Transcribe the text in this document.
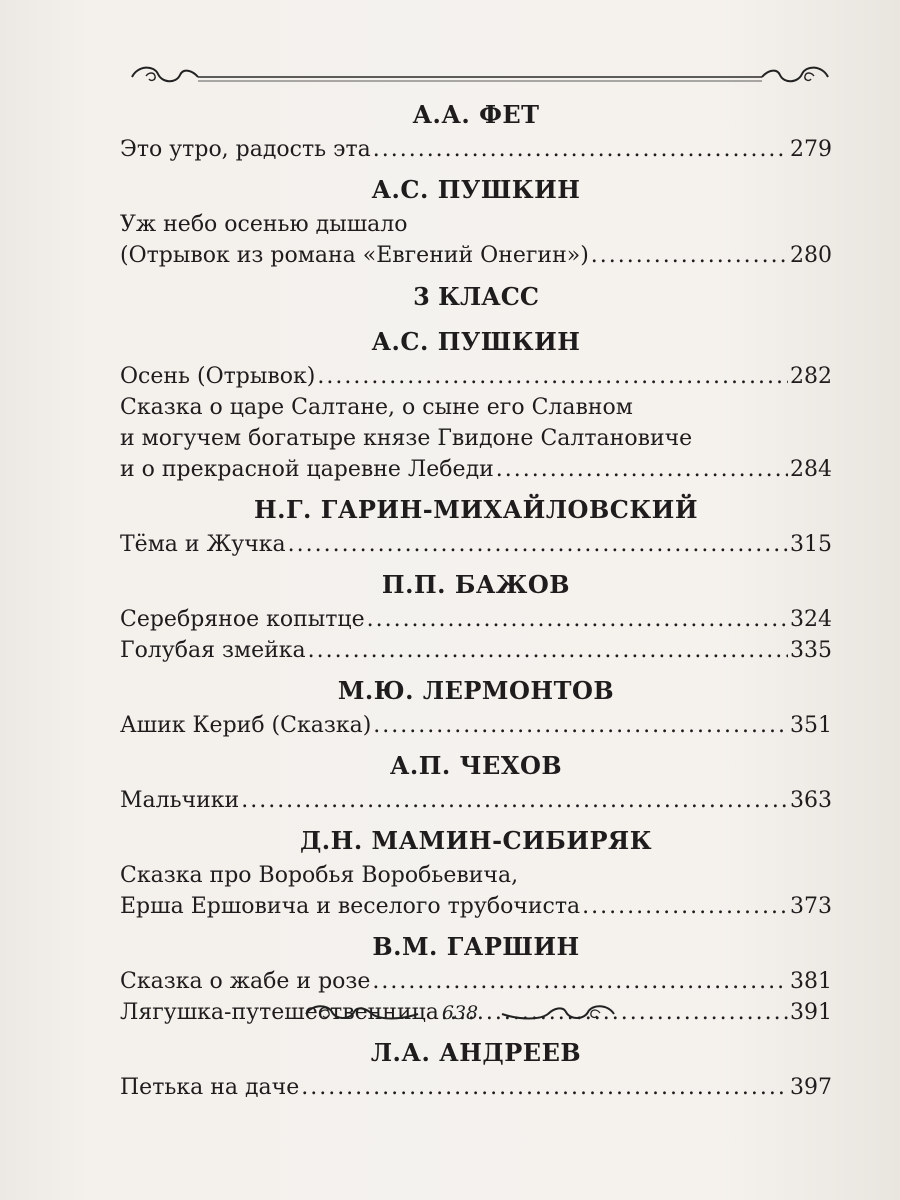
А.А. ФЕТ
Это утро, радость эта .....	279
А.С. ПУШКИН
Уж небо осенью дышало
(Отрывок из романа «Евгений Онегин») .....	280
3 КЛАСС
А.С. ПУШКИН
Осень (Отрывок) .....	282
Сказка о царе Салтане, о сыне его Славном
и могучем богатыре князе Гвидоне Салтановиче
и о прекрасной царевне Лебеди .....	284
Н.Г. ГАРИН-МИХАЙЛОВСКИЙ
Тёма и Жучка .....	315
П.П. БАЖОВ
Серебряное копытце .....	324
Голубая змейка .....	335
М.Ю. ЛЕРМОНТОВ
Ашик Кериб (Сказка) .....	351
А.П. ЧЕХОВ
Мальчики .....	363
Д.Н. МАМИН-СИБИРЯК
Сказка про Воробья Воробьевича,
Ерша Ершовича и веселого трубочиста .....	373
В.М. ГАРШИН
Сказка о жабе и розе .....	381
Лягушка-путешественница .....	391
Л.А. АНДРЕЕВ
Петька на даче .....	397
638
